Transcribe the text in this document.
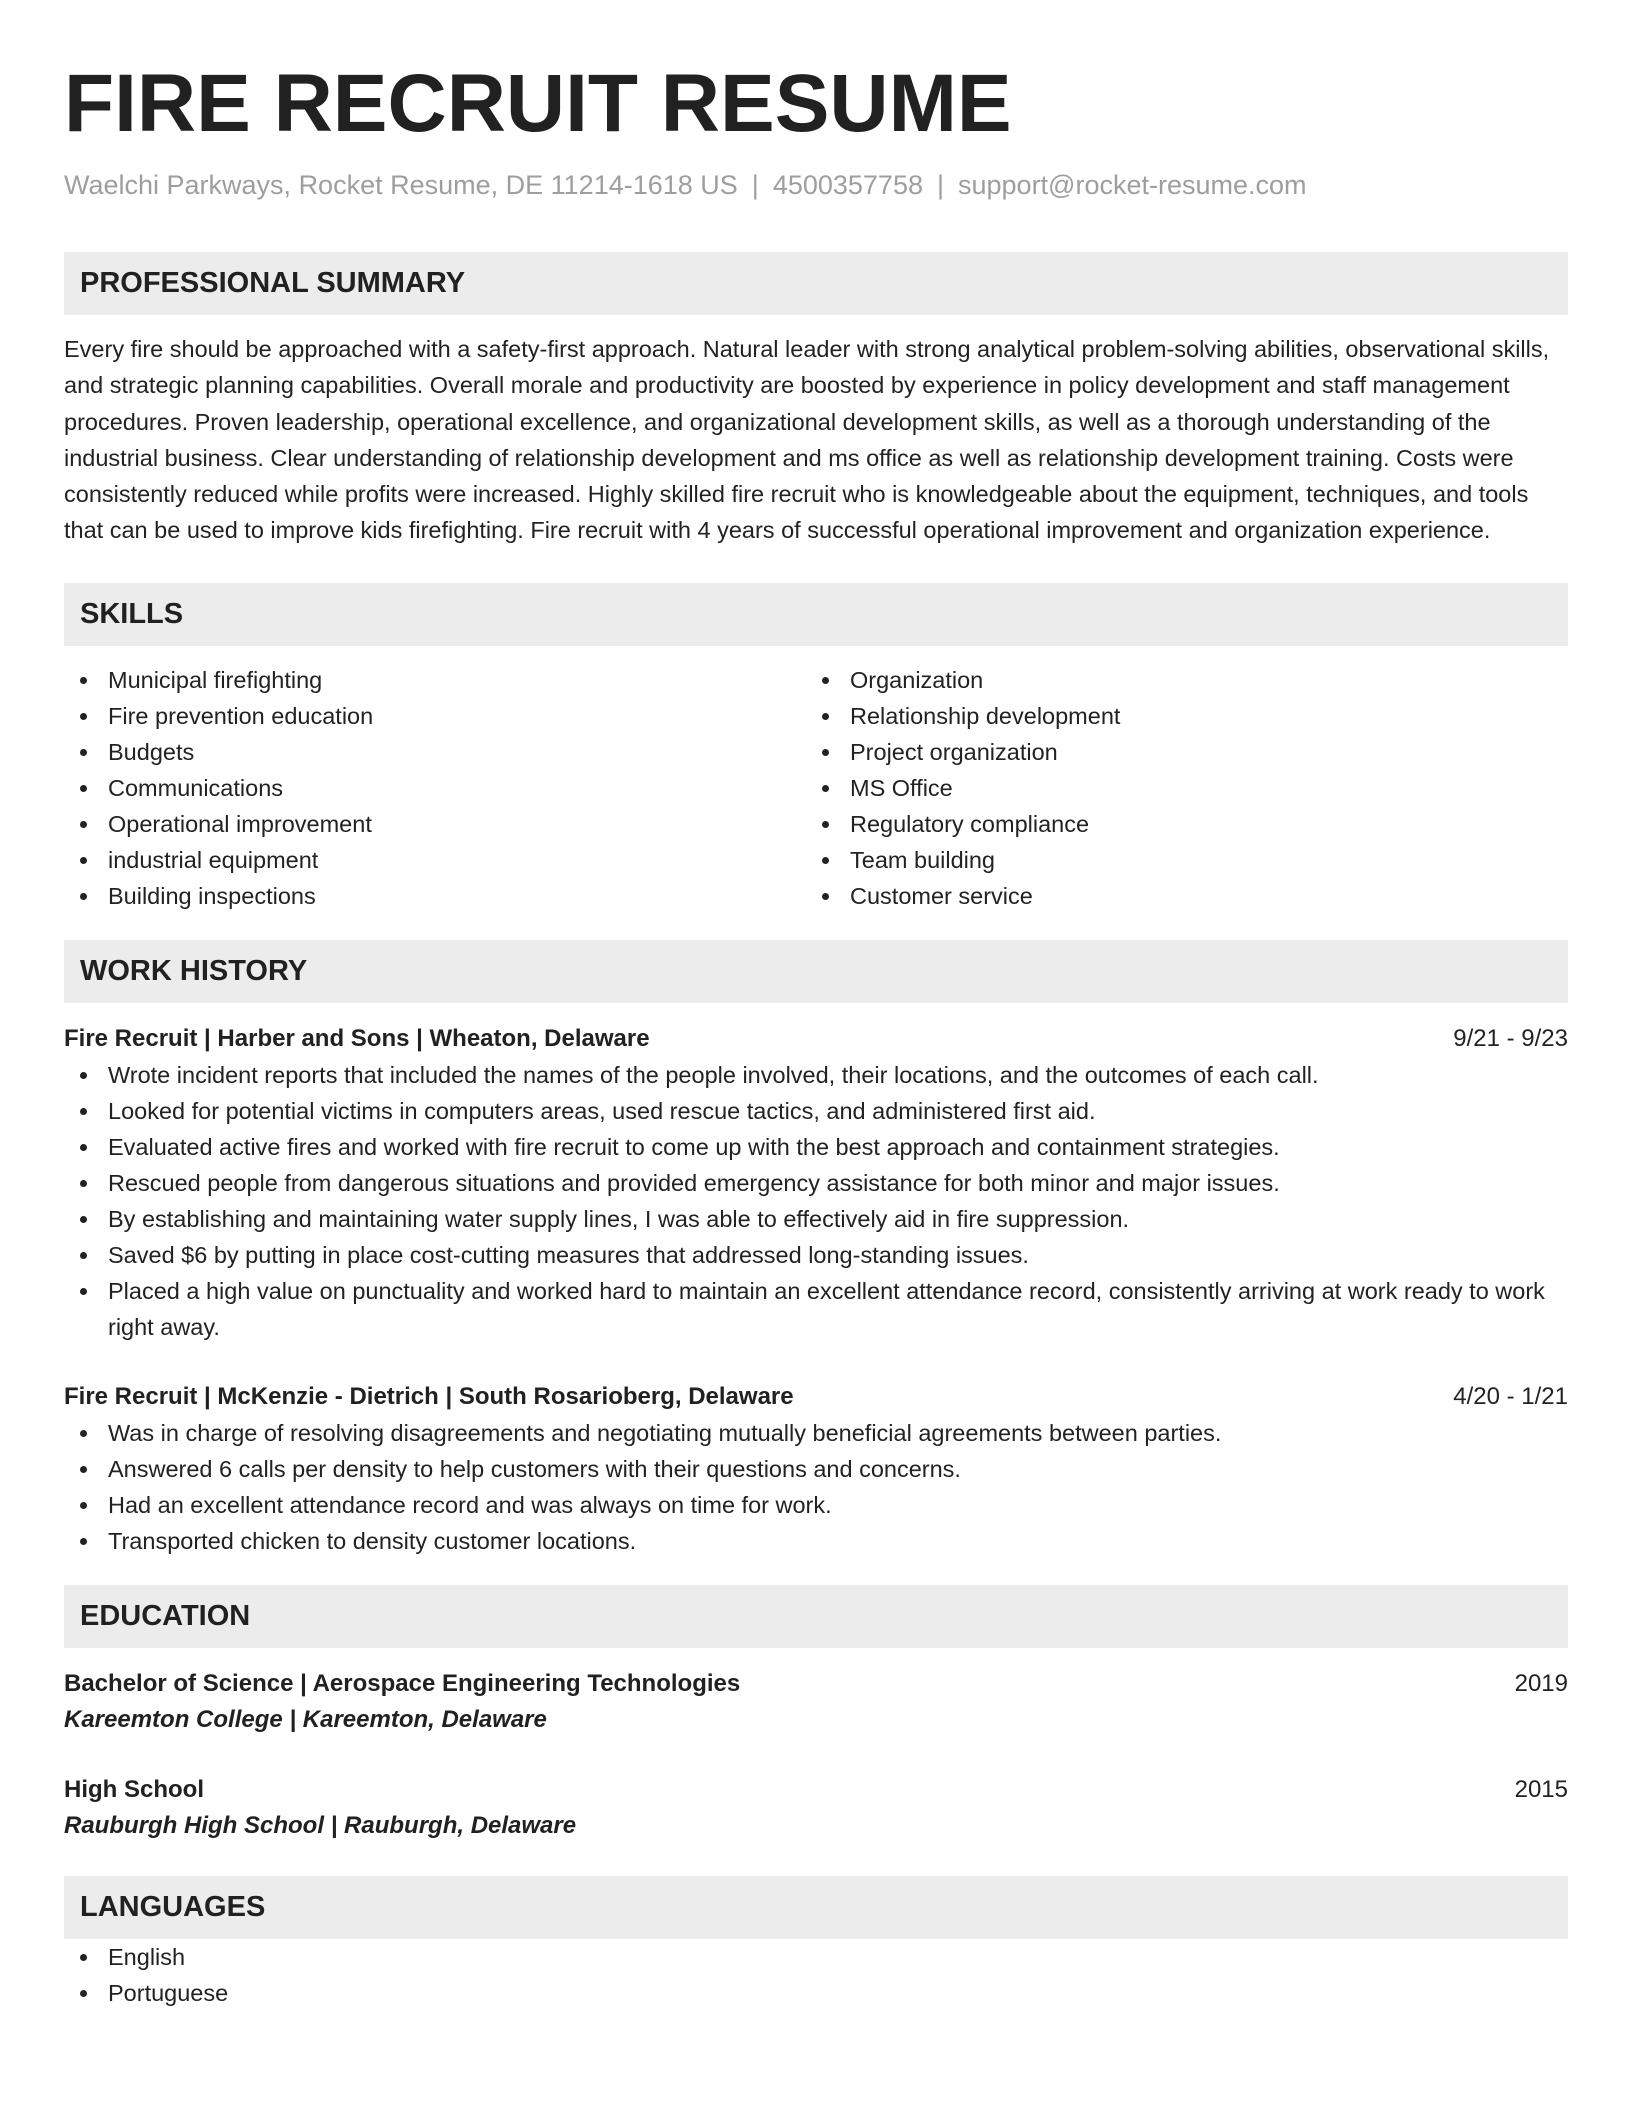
FIRE RECRUIT RESUME
Waelchi Parkways, Rocket Resume, DE 11214-1618 US | 4500357758 | support@rocket-resume.com
PROFESSIONAL SUMMARY
Every fire should be approached with a safety-first approach. Natural leader with strong analytical problem-solving abilities, observational skills, and strategic planning capabilities. Overall morale and productivity are boosted by experience in policy development and staff management procedures. Proven leadership, operational excellence, and organizational development skills, as well as a thorough understanding of the industrial business. Clear understanding of relationship development and ms office as well as relationship development training. Costs were consistently reduced while profits were increased. Highly skilled fire recruit who is knowledgeable about the equipment, techniques, and tools that can be used to improve kids firefighting. Fire recruit with 4 years of successful operational improvement and organization experience.
SKILLS
Municipal firefighting
Fire prevention education
Budgets
Communications
Operational improvement
industrial equipment
Building inspections
Organization
Relationship development
Project organization
MS Office
Regulatory compliance
Team building
Customer service
WORK HISTORY
Fire Recruit | Harber and Sons | Wheaton, Delaware	9/21 - 9/23
Wrote incident reports that included the names of the people involved, their locations, and the outcomes of each call.
Looked for potential victims in computers areas, used rescue tactics, and administered first aid.
Evaluated active fires and worked with fire recruit to come up with the best approach and containment strategies.
Rescued people from dangerous situations and provided emergency assistance for both minor and major issues.
By establishing and maintaining water supply lines, I was able to effectively aid in fire suppression.
Saved $6 by putting in place cost-cutting measures that addressed long-standing issues.
Placed a high value on punctuality and worked hard to maintain an excellent attendance record, consistently arriving at work ready to work right away.
Fire Recruit | McKenzie - Dietrich | South Rosarioberg, Delaware	4/20 - 1/21
Was in charge of resolving disagreements and negotiating mutually beneficial agreements between parties.
Answered 6 calls per density to help customers with their questions and concerns.
Had an excellent attendance record and was always on time for work.
Transported chicken to density customer locations.
EDUCATION
Bachelor of Science | Aerospace Engineering Technologies	2019
Kareemton College | Kareemton, Delaware
High School	2015
Rauburgh High School | Rauburgh, Delaware
LANGUAGES
English
Portuguese
